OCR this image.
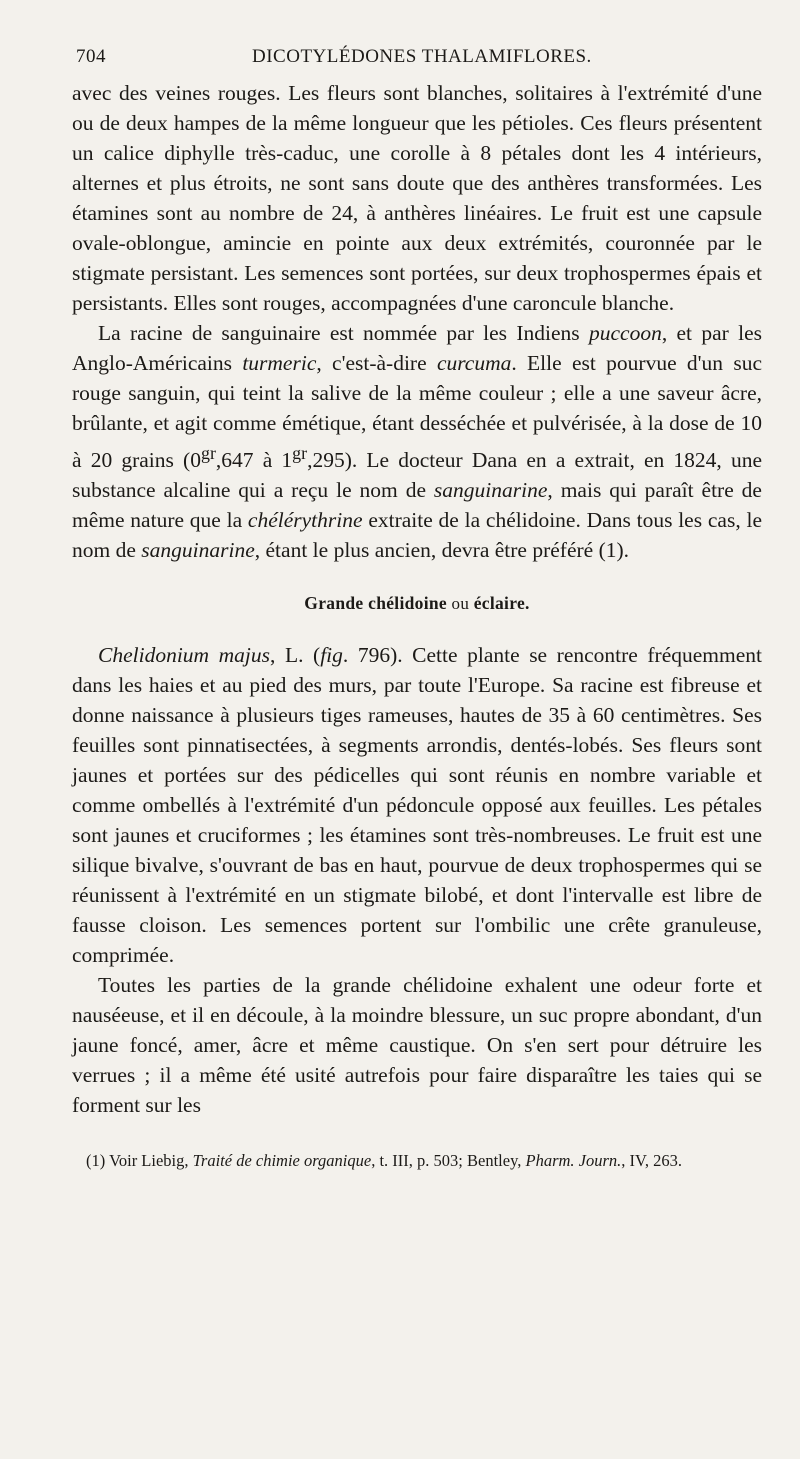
704	DICOTYLÉDONES THALAMIFLORES.

avec des veines rouges. Les fleurs sont blanches, solitaires à l'extrémité d'une ou de deux hampes de la même longueur que les pétioles. Ces fleurs présentent un calice diphylle très-caduc, une corolle à 8 pétales dont les 4 intérieurs, alternes et plus étroits, ne sont sans doute que des anthères transformées. Les étamines sont au nombre de 24, à anthères linéaires. Le fruit est une capsule ovale-oblongue, amincie en pointe aux deux extrémités, couronnée par le stigmate persistant. Les semences sont portées, sur deux trophospermes épais et persistants. Elles sont rouges, accompagnées d'une caroncule blanche.

La racine de sanguinaire est nommée par les Indiens puccoon, et par les Anglo-Américains turmeric, c'est-à-dire curcuma. Elle est pourvue d'un suc rouge sanguin, qui teint la salive de la même couleur ; elle a une saveur âcre, brûlante, et agit comme émétique, étant desséchée et pulvérisée, à la dose de 10 à 20 grains ($0^{gr},647$ à $1^{gr},295$). Le docteur Dana en a extrait, en 1824, une substance alcaline qui a reçu le nom de sanguinarine, mais qui paraît être de même nature que la chélérythrine extraite de la chélidoine. Dans tous les cas, le nom de sanguinarine, étant le plus ancien, devra être préféré (1).

Grande chélidoine ou éclaire.

Chelidonium majus, L. (fig. 796). Cette plante se rencontre fréquemment dans les haies et au pied des murs, par toute l'Europe. Sa racine est fibreuse et donne naissance à plusieurs tiges rameuses, hautes de 35 à 60 centimètres. Ses feuilles sont pinnatisectées, à segments arrondis, dentés-lobés. Ses fleurs sont jaunes et portées sur des pédicelles qui sont réunis en nombre variable et comme ombellés à l'extrémité d'un pédoncule opposé aux feuilles. Les pétales sont jaunes et cruciformes ; les étamines sont très-nombreuses. Le fruit est une silique bivalve, s'ouvrant de bas en haut, pourvue de deux trophospermes qui se réunissent à l'extrémité en un stigmate bilobé, et dont l'intervalle est libre de fausse cloison. Les semences portent sur l'ombilic une crête granuleuse, comprimée.

Toutes les parties de la grande chélidoine exhalent une odeur forte et nauséeuse, et il en découle, à la moindre blessure, un suc propre abondant, d'un jaune foncé, amer, âcre et même caustique. On s'en sert pour détruire les verrues ; il a même été usité autrefois pour faire disparaître les taies qui se forment sur les

(1) Voir Liebig, Traité de chimie organique, t. III, p. 503; Bentley, Pharm. Journ., IV, 263.
